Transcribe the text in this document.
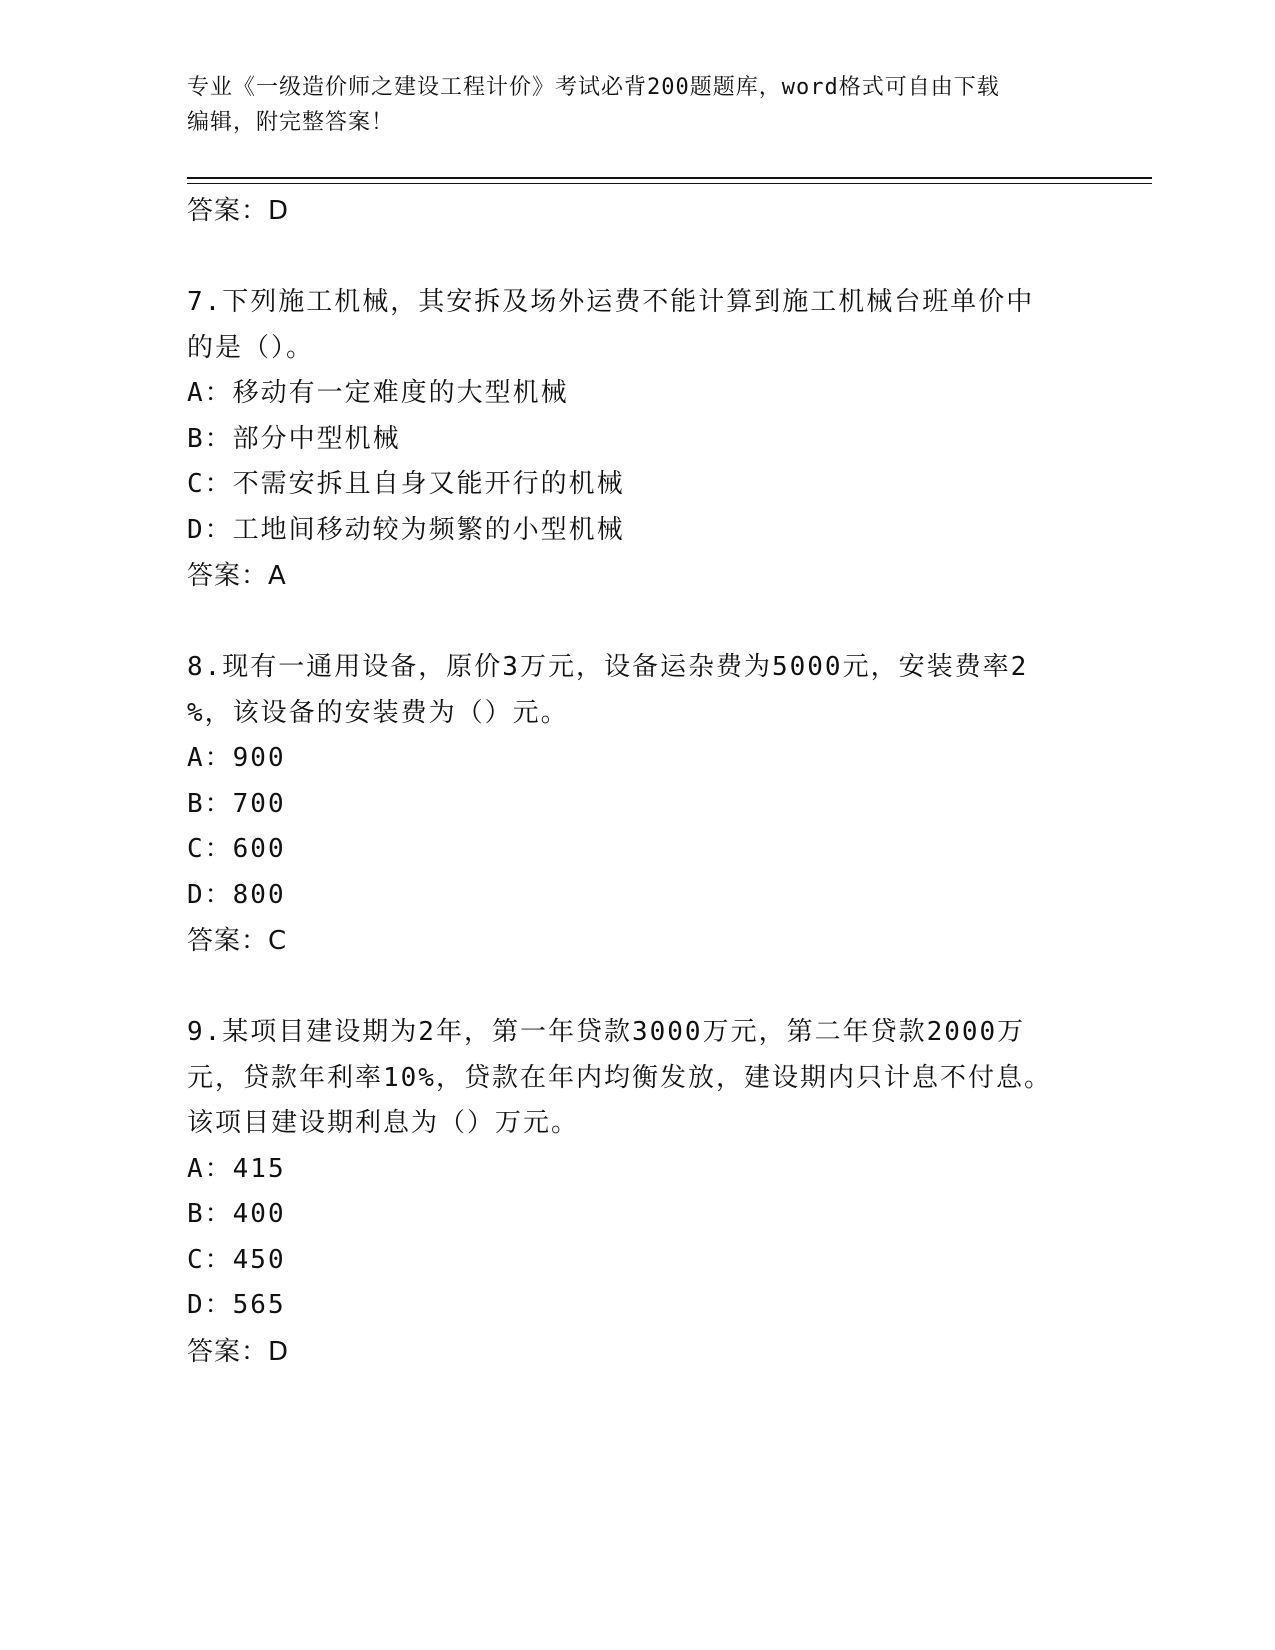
专业《一级造价师之建设工程计价》考试必背200题题库，word格式可自由下载
编辑，附完整答案！
答案：D
7.下列施工机械，其安拆及场外运费不能计算到施工机械台班单价中
的是（）。
A：移动有一定难度的大型机械
B：部分中型机械
C：不需安拆且自身又能开行的机械
D：工地间移动较为频繁的小型机械
答案：A
8.现有一通用设备，原价3万元，设备运杂费为5000元，安装费率2
%，该设备的安装费为（）元。
A：900
B：700
C：600
D：800
答案：C
9.某项目建设期为2年，第一年贷款3000万元，第二年贷款2000万
元，贷款年利率10%，贷款在年内均衡发放，建设期内只计息不付息。
该项目建设期利息为（）万元。
A：415
B：400
C：450
D：565
答案：D
